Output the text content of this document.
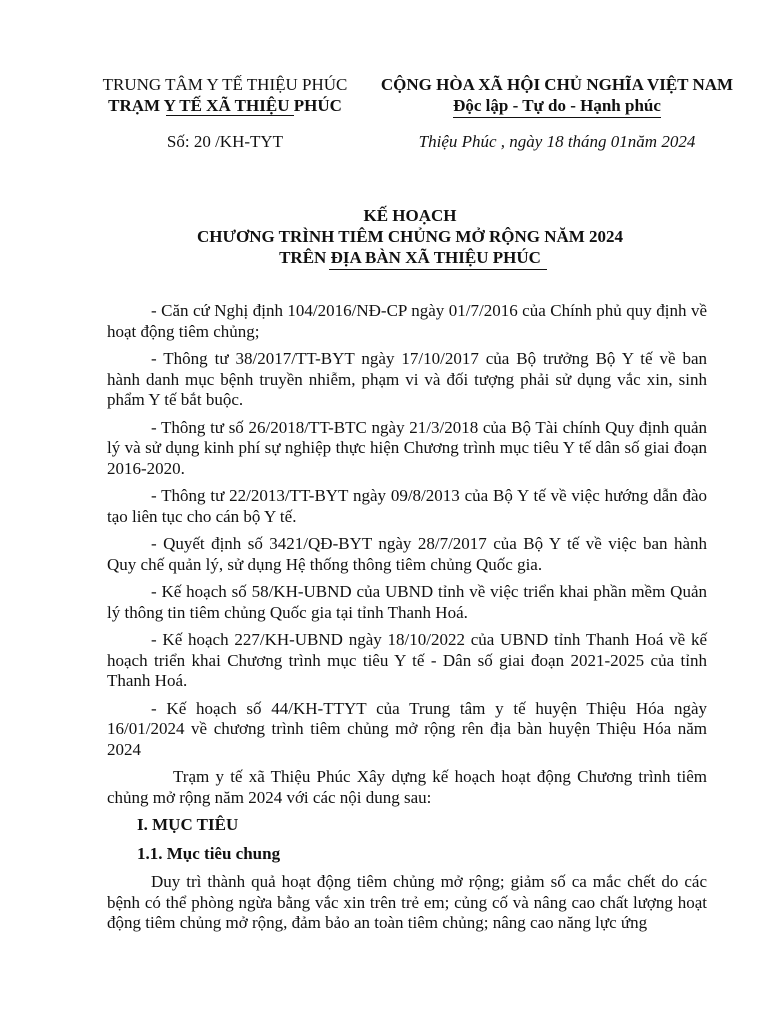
TRUNG TÂM Y TẾ THIỆU PHÚC
TRẠM Y TẾ XÃ THIỆU PHÚC
CỘNG HÒA XÃ HỘI CHỦ NGHĨA VIỆT NAM
Độc lập - Tự do - Hạnh phúc
Số: 20 /KH-TYT	Thiệu Phúc , ngày 18 tháng 01năm 2024
KẾ HOẠCH
CHƯƠNG TRÌNH TIÊM CHỦNG MỞ RỘNG NĂM 2024
TRÊN ĐỊA BÀN XÃ THIỆU PHÚC

- Căn cứ Nghị định 104/2016/NĐ-CP ngày 01/7/2016 của Chính phủ quy định về hoạt động tiêm chủng;

- Thông tư 38/2017/TT-BYT ngày 17/10/2017 của Bộ trưởng Bộ Y tế về ban hành danh mục bệnh truyền nhiễm, phạm vi và đối tượng phải sử dụng vắc xin, sinh phẩm Y tế bắt buộc.

- Thông tư số 26/2018/TT-BTC ngày 21/3/2018 của Bộ Tài chính Quy định quản lý và sử dụng kinh phí sự nghiệp thực hiện Chương trình mục tiêu Y tế dân số giai đoạn 2016-2020.

- Thông tư 22/2013/TT-BYT ngày 09/8/2013 của Bộ Y tế về việc hướng dẫn đào tạo liên tục cho cán bộ Y tế.

- Quyết định số 3421/QĐ-BYT ngày 28/7/2017 của Bộ Y tế về việc ban hành Quy chế quản lý, sử dụng Hệ thống thông tiêm chủng Quốc gia.

- Kế hoạch số 58/KH-UBND của UBND tỉnh về việc triển khai phần mềm Quản lý thông tin tiêm chủng Quốc gia tại tỉnh Thanh Hoá.

- Kế hoạch 227/KH-UBND ngày 18/10/2022 của UBND tỉnh Thanh Hoá về kế hoạch triển khai Chương trình mục tiêu Y tế - Dân số giai đoạn 2021-2025 của tỉnh Thanh Hoá.

- Kế hoạch số 44/KH-TTYT của Trung tâm y tế huyện Thiệu Hóa ngày 16/01/2024 về chương trình tiêm chủng mở rộng rên địa bàn huyện Thiệu Hóa năm 2024

Trạm y tế xã Thiệu Phúc Xây dựng kế hoạch hoạt động Chương trình tiêm chủng mở rộng năm 2024 với các nội dung sau:

I. MỤC TIÊU

1.1. Mục tiêu chung

Duy trì thành quả hoạt động tiêm chủng mở rộng; giảm số ca mắc chết do các bệnh có thể phòng ngừa bằng vắc xin trên trẻ em; củng cố và nâng cao chất lượng hoạt động tiêm chủng mở rộng, đảm bảo an toàn tiêm chủng; nâng cao năng lực ứng
